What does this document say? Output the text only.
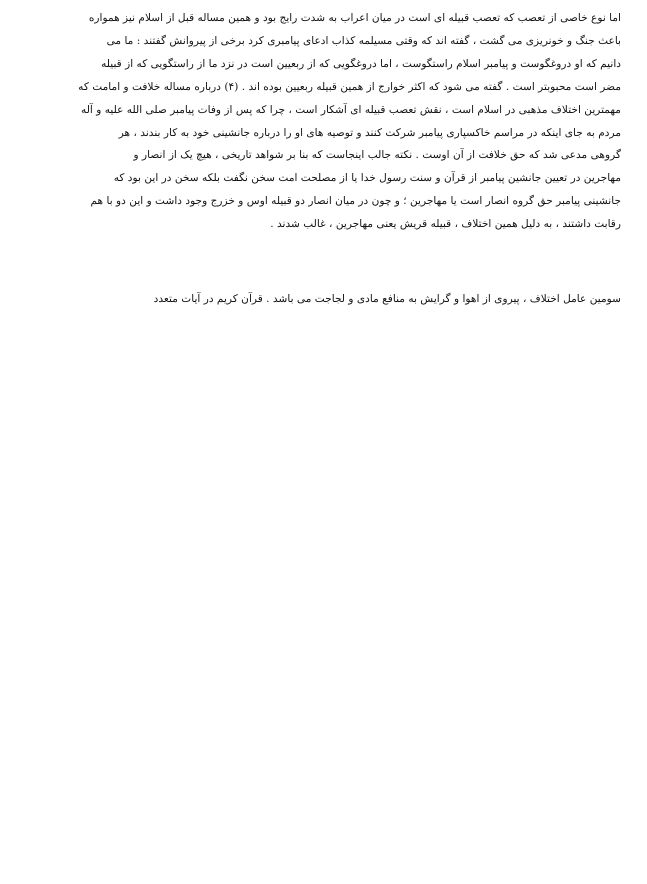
اما نوع خاصی از تعصب که تعصب قبیله ای است در میان اعراب به شدت رایج بود و همین مساله قبل از اسلام نیز همواره
باعث جنگ و خونریزی می گشت ، گفته اند که وقتی مسیلمه کذاب ادعای پیامبری کرد برخی از پیروانش گفتند : ما می
دانیم که او دروغگوست و پیامبر اسلام راستگوست ، اما دروغگویی که از ربعیین است در نزد ما از راستگویی که از قبیله
مضر است محبوبتر است . گفته می شود که اکثر خوارج از همین قبیله ربعیین بوده اند . (۴) درباره مساله خلافت و امامت که
مهمترین اختلاف مذهبی در اسلام است ، نقش تعصب قبیله ای آشکار است ، چرا که پس از وفات پیامبر صلی الله علیه و آله
مردم به جای اینکه در مراسم خاکسپاری پیامبر شرکت کنند و توصیه های او را درباره جانشینی خود به کار بندند ، هر
گروهی مدعی شد که حق خلافت از آن اوست . نکته جالب اینجاست که بنا بر شواهد تاریخی ، هیچ یک از انصار و
مهاجرین در تعیین جانشین پیامبر از قرآن و سنت رسول خدا یا از مصلحت امت سخن نگفت بلکه سخن در این بود که
جانشینی پیامبر حق گروه انصار است یا مهاجرین ؛ و چون در میان انصار دو قبیله اوس و خزرج وجود داشت و این دو با هم
رقابت داشتند ، به دلیل همین اختلاف ، قبیله قریش یعنی مهاجرین ، غالب شدند .
سومین عامل اختلاف ، پیروی از اهوا و گرایش به منافع مادی و لجاجت می باشد . قرآن کریم در آیات متعدد
